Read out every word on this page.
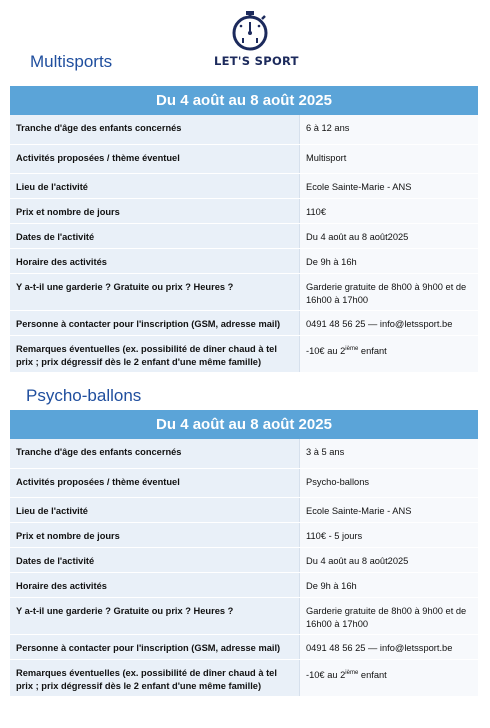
LET'S SPORT
Multisports
Du 4 août au 8 août 2025
Tranche d'âge des enfants concernés	6 à 12 ans
Activités proposées / thème éventuel	Multisport
Lieu de l'activité	Ecole Sainte-Marie - ANS
Prix et nombre de jours	110€
Dates de l'activité	Du 4 août au 8 août2025
Horaire des activités	De 9h à 16h
Y a-t-il une garderie ? Gratuite ou prix ? Heures ?	Garderie gratuite de 8h00 à 9h00 et de 16h00 à 17h00
Personne à contacter pour l'inscription (GSM, adresse mail)	0491 48 56 25 — info@letssport.be
Remarques éventuelles (ex. possibilité de dîner chaud à tel prix ; prix dégressif dès le 2 enfant d'une même famille)	-10€ au 2ième enfant
Psycho-ballons
Du 4 août au 8 août 2025
Tranche d'âge des enfants concernés	3 à 5 ans
Activités proposées / thème éventuel	Psycho-ballons
Lieu de l'activité	Ecole Sainte-Marie - ANS
Prix et nombre de jours	110€ - 5 jours
Dates de l'activité	Du 4 août au 8 août2025
Horaire des activités	De 9h à 16h
Y a-t-il une garderie ? Gratuite ou prix ? Heures ?	Garderie gratuite de 8h00 à 9h00 et de 16h00 à 17h00
Personne à contacter pour l'inscription (GSM, adresse mail)	0491 48 56 25 — info@letssport.be
Remarques éventuelles (ex. possibilité de dîner chaud à tel prix ; prix dégressif dès le 2 enfant d'une même famille)	-10€ au 2ième enfant
